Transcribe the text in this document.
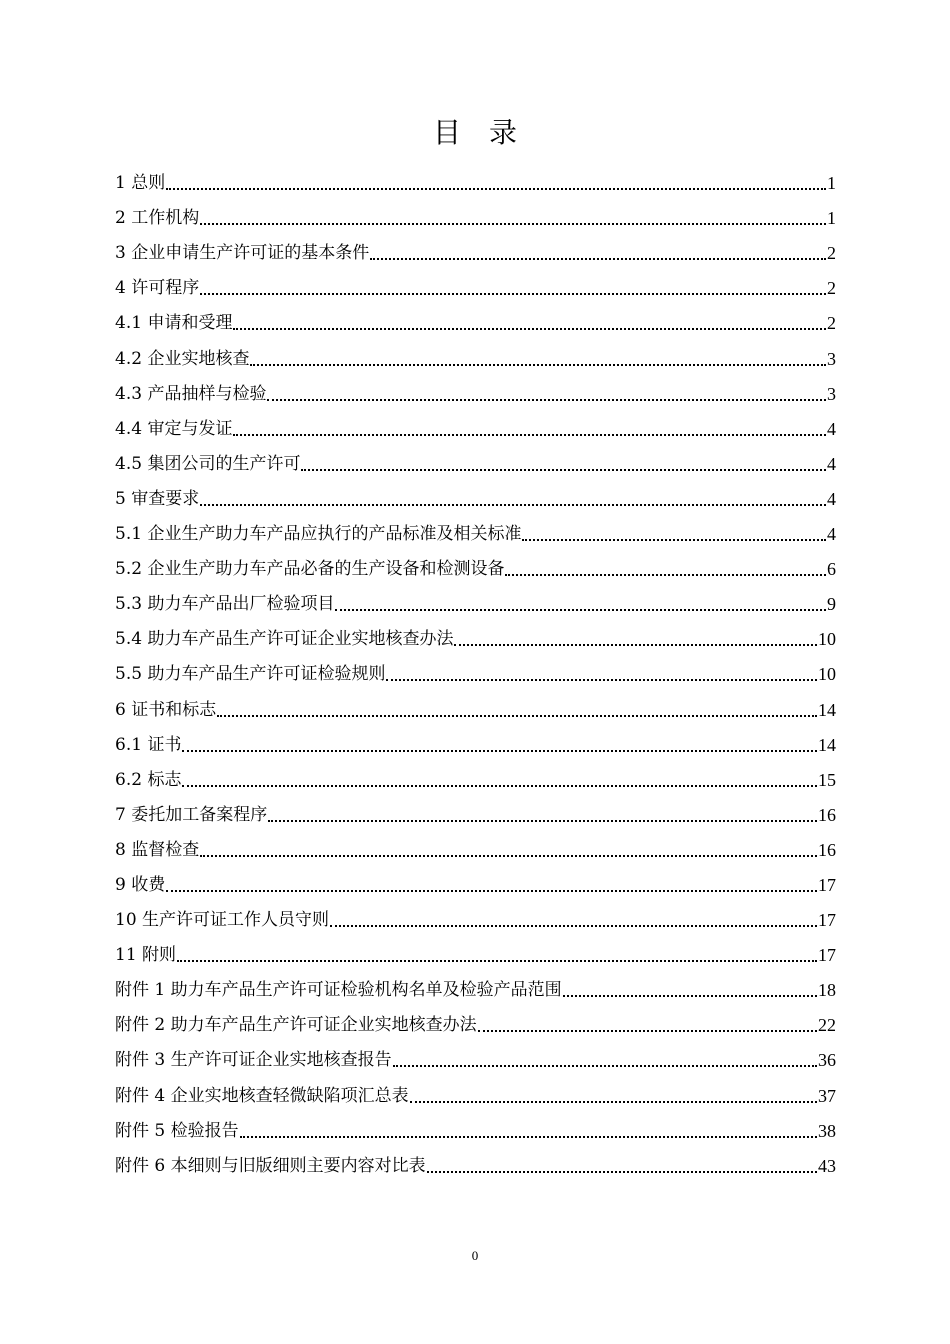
目录
1 总则	1
2 工作机构	1
3 企业申请生产许可证的基本条件	2
4 许可程序	2
4.1 申请和受理	2
4.2 企业实地核查	3
4.3 产品抽样与检验	3
4.4 审定与发证	4
4.5 集团公司的生产许可	4
5 审查要求	4
5.1 企业生产助力车产品应执行的产品标准及相关标准	4
5.2 企业生产助力车产品必备的生产设备和检测设备	6
5.3 助力车产品出厂检验项目	9
5.4 助力车产品生产许可证企业实地核查办法	10
5.5 助力车产品生产许可证检验规则	10
6 证书和标志	14
6.1 证书	14
6.2 标志	15
7 委托加工备案程序	16
8 监督检查	16
9 收费	17
10 生产许可证工作人员守则	17
11 附则	17
附件 1 助力车产品生产许可证检验机构名单及检验产品范围	18
附件 2 助力车产品生产许可证企业实地核查办法	22
附件 3 生产许可证企业实地核查报告	36
附件 4 企业实地核查轻微缺陷项汇总表	37
附件 5 检验报告	38
附件 6 本细则与旧版细则主要内容对比表	43
0
